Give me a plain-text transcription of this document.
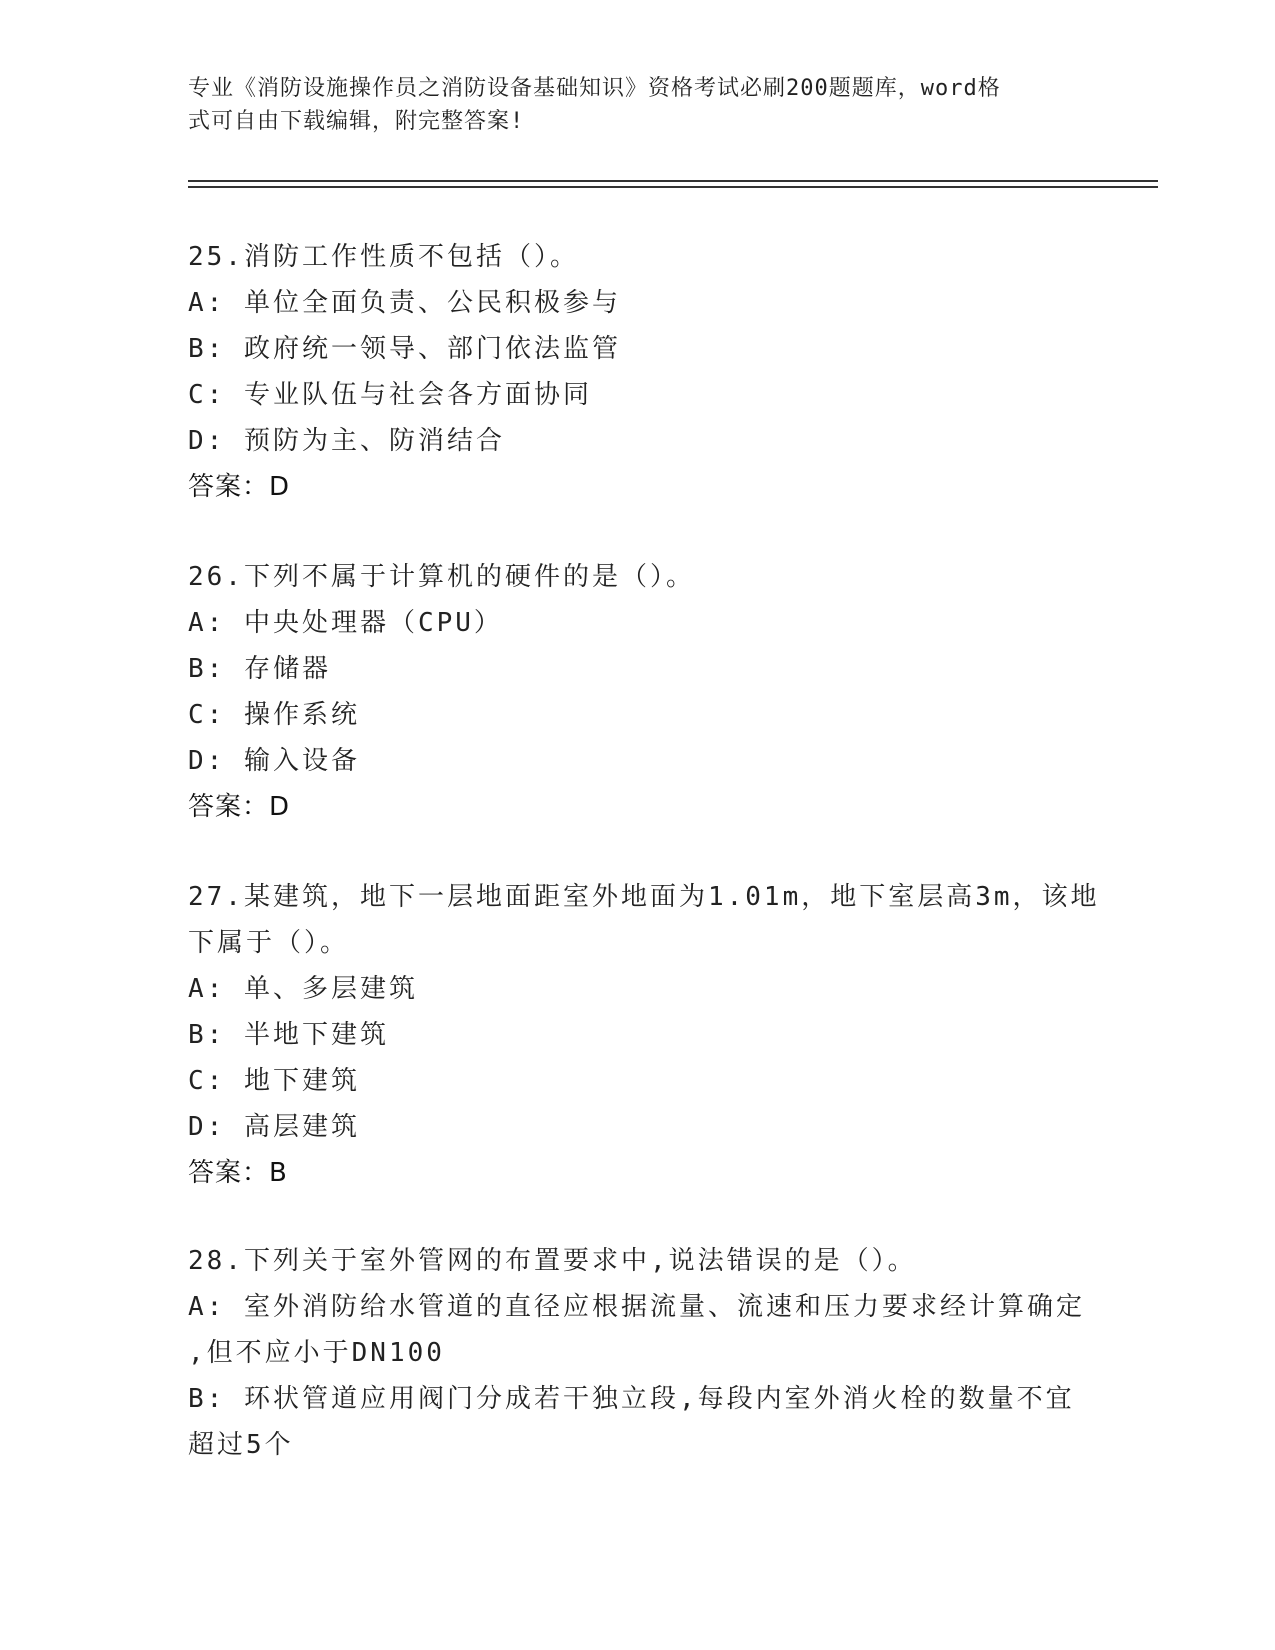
专业《消防设施操作员之消防设备基础知识》资格考试必刷200题题库，word格
式可自由下载编辑，附完整答案!
25.消防工作性质不包括（）。
A: 单位全面负责、公民积极参与
B: 政府统一领导、部门依法监管
C: 专业队伍与社会各方面协同
D: 预防为主、防消结合
答案：D
26.下列不属于计算机的硬件的是（）。
A: 中央处理器（CPU）
B: 存储器
C: 操作系统
D: 输入设备
答案：D
27.某建筑，地下一层地面距室外地面为1.01m，地下室层高3m，该地
下属于（）。
A: 单、多层建筑
B: 半地下建筑
C: 地下建筑
D: 高层建筑
答案：B
28.下列关于室外管网的布置要求中,说法错误的是（）。
A: 室外消防给水管道的直径应根据流量、流速和压力要求经计算确定
,但不应小于DN100
B: 环状管道应用阀门分成若干独立段,每段内室外消火栓的数量不宜
超过5个
